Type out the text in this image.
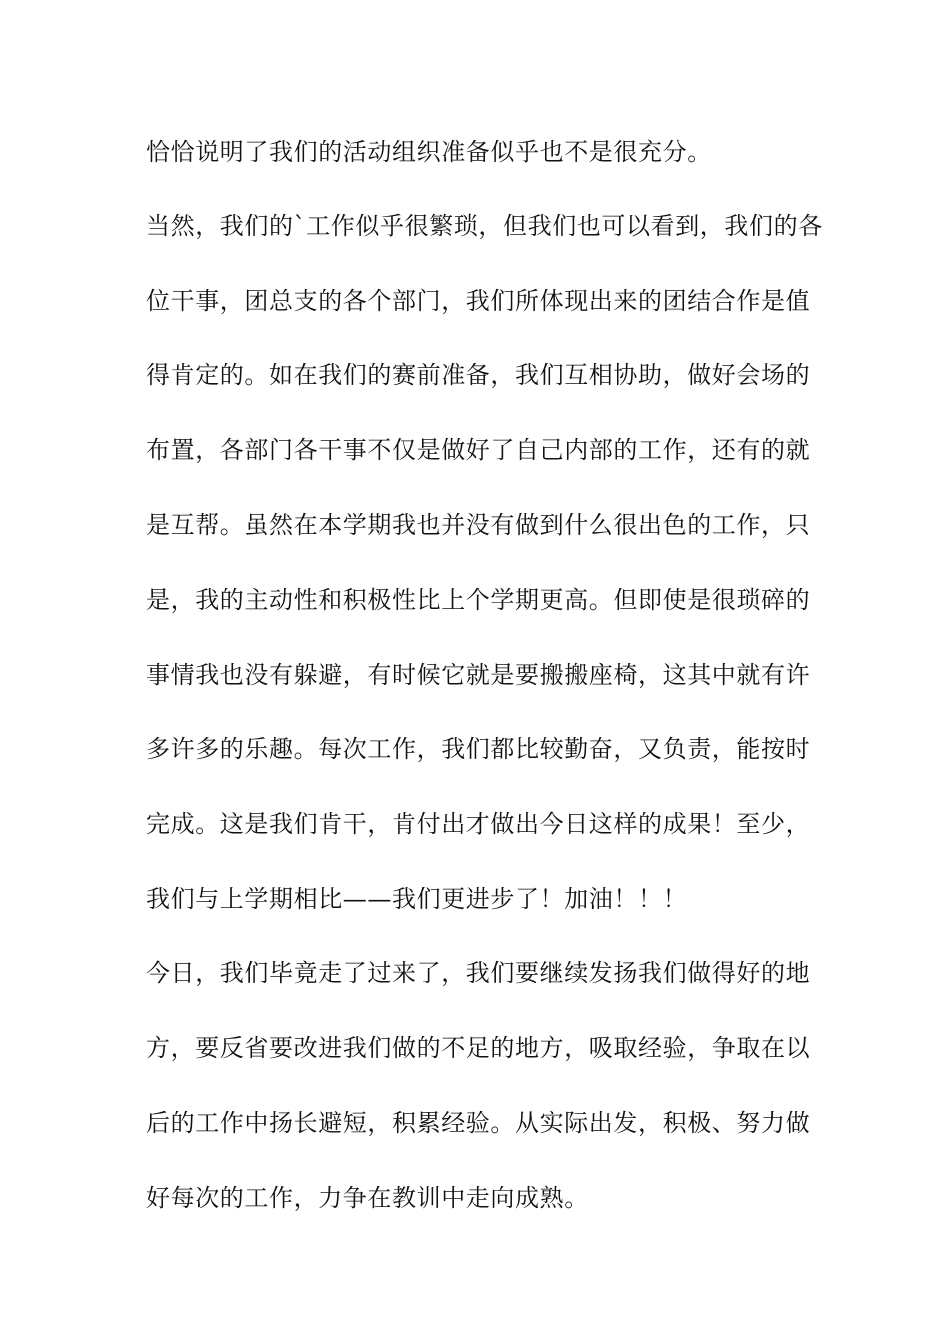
恰恰说明了我们的活动组织准备似乎也不是很充分。
当然，我们的`工作似乎很繁琐，但我们也可以看到，我们的各
位干事，团总支的各个部门，我们所体现出来的团结合作是值
得肯定的。如在我们的赛前准备，我们互相协助，做好会场的
布置，各部门各干事不仅是做好了自己内部的工作，还有的就
是互帮。虽然在本学期我也并没有做到什么很出色的工作，只
是，我的主动性和积极性比上个学期更高。但即使是很琐碎的
事情我也没有躲避，有时候它就是要搬搬座椅，这其中就有许
多许多的乐趣。每次工作，我们都比较勤奋，又负责，能按时
完成。这是我们肯干，肯付出才做出今日这样的成果！至少，
我们与上学期相比——我们更进步了！加油！！！
今日，我们毕竟走了过来了，我们要继续发扬我们做得好的地
方，要反省要改进我们做的不足的地方，吸取经验，争取在以
后的工作中扬长避短，积累经验。从实际出发，积极、努力做
好每次的工作，力争在教训中走向成熟。
